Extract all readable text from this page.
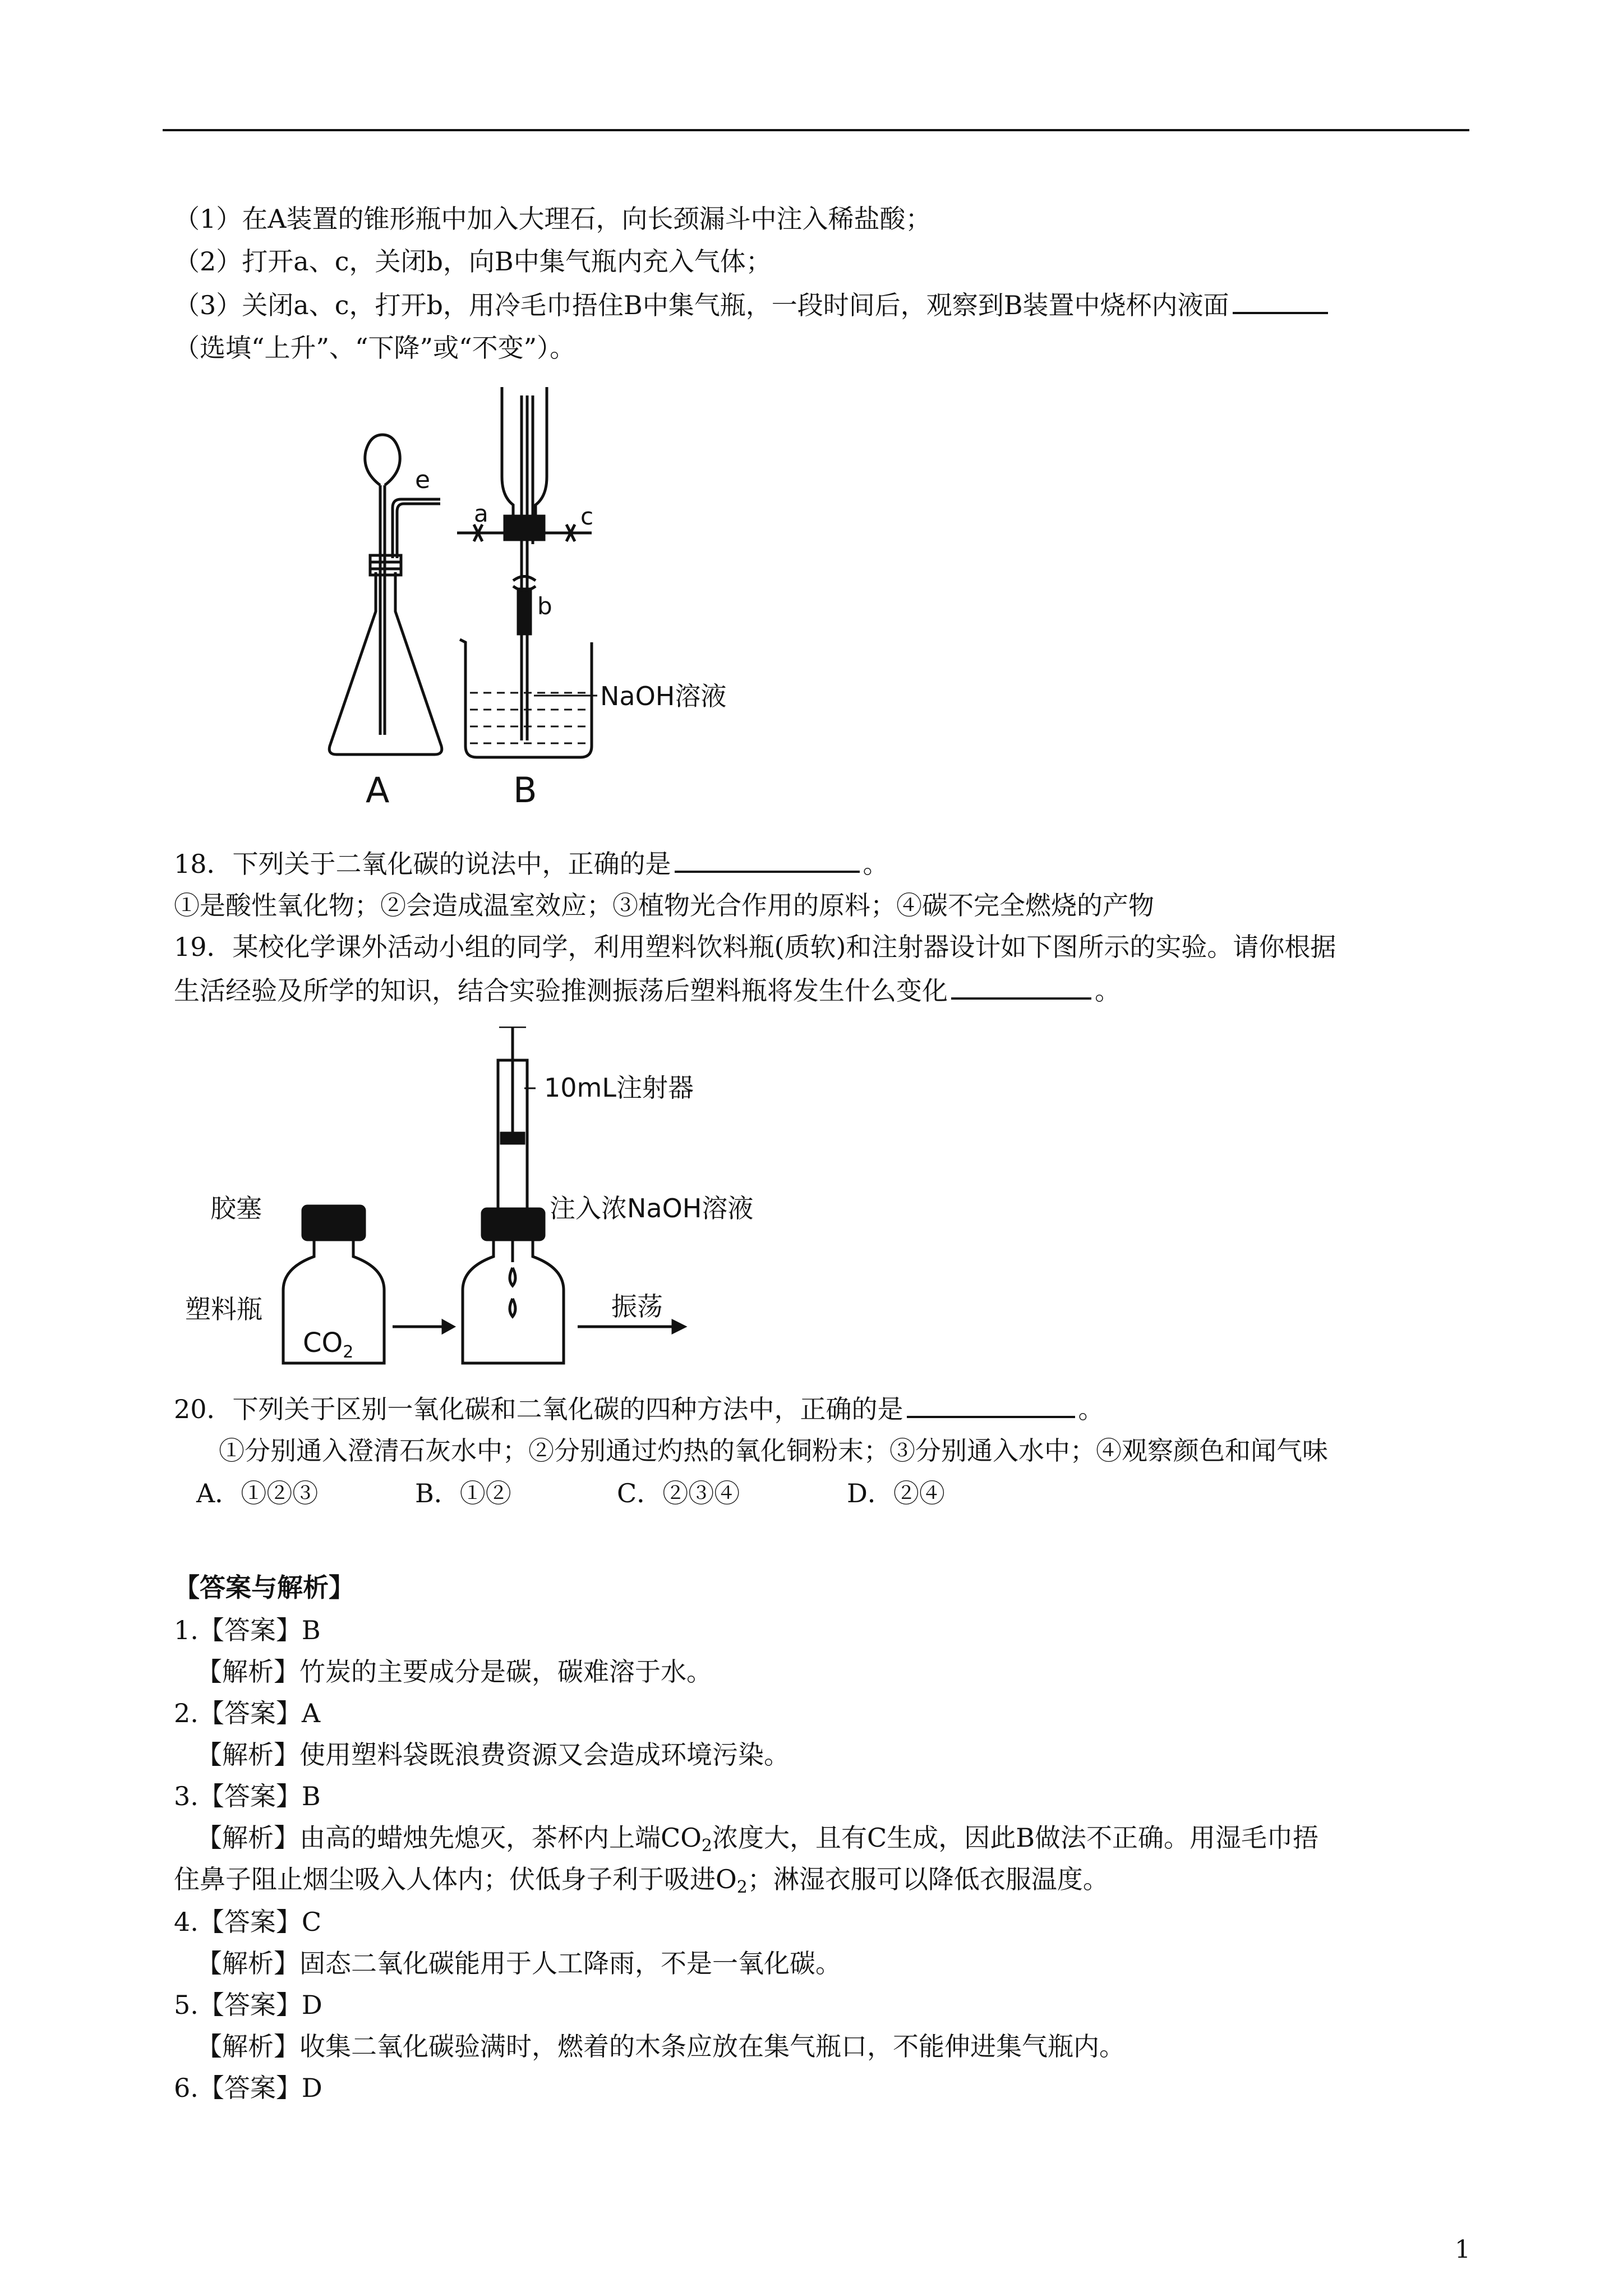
（1）在A装置的锥形瓶中加入大理石，向长颈漏斗中注入稀盐酸；
（2）打开a、c，关闭b，向B中集气瓶内充入气体；
（3）关闭a、c，打开b，用冷毛巾捂住B中集气瓶，一段时间后，观察到B装置中烧杯内液面
（选填“上升”、“下降”或“不变”）。
e
A
a	c
b
NaOH溶液
B
18．下列关于二氧化碳的说法中，正确的是	。
①是酸性氧化物；②会造成温室效应；③植物光合作用的原料；④碳不完全燃烧的产物
19．某校化学课外活动小组的同学，利用塑料饮料瓶(质软)和注射器设计如下图所示的实验。请你根据
生活经验及所学的知识，结合实验推测振荡后塑料瓶将发生什么变化	。
10mL注射器
胶塞	注入浓NaOH溶液
塑料瓶
$CO_2$
振荡
20．下列关于区别一氧化碳和二氧化碳的四种方法中，正确的是	。
①分别通入澄清石灰水中；②分别通过灼热的氧化铜粉末；③分别通入水中；④观察颜色和闻气味
A．①②③	B．①②	C．②③④	D．②④
【答案与解析】
1.【答案】B
【解析】竹炭的主要成分是碳，碳难溶于水。
2.【答案】A
【解析】使用塑料袋既浪费资源又会造成环境污染。
3.【答案】B
【解析】由高的蜡烛先熄灭，茶杯内上端$CO_2$浓度大，且有C生成，因此B做法不正确。用湿毛巾捂
住鼻子阻止烟尘吸入人体内；伏低身子利于吸进$O_2$；淋湿衣服可以降低衣服温度。
4.【答案】C
【解析】固态二氧化碳能用于人工降雨，不是一氧化碳。
5.【答案】D
【解析】收集二氧化碳验满时，燃着的木条应放在集气瓶口，不能伸进集气瓶内。
6.【答案】D
1
